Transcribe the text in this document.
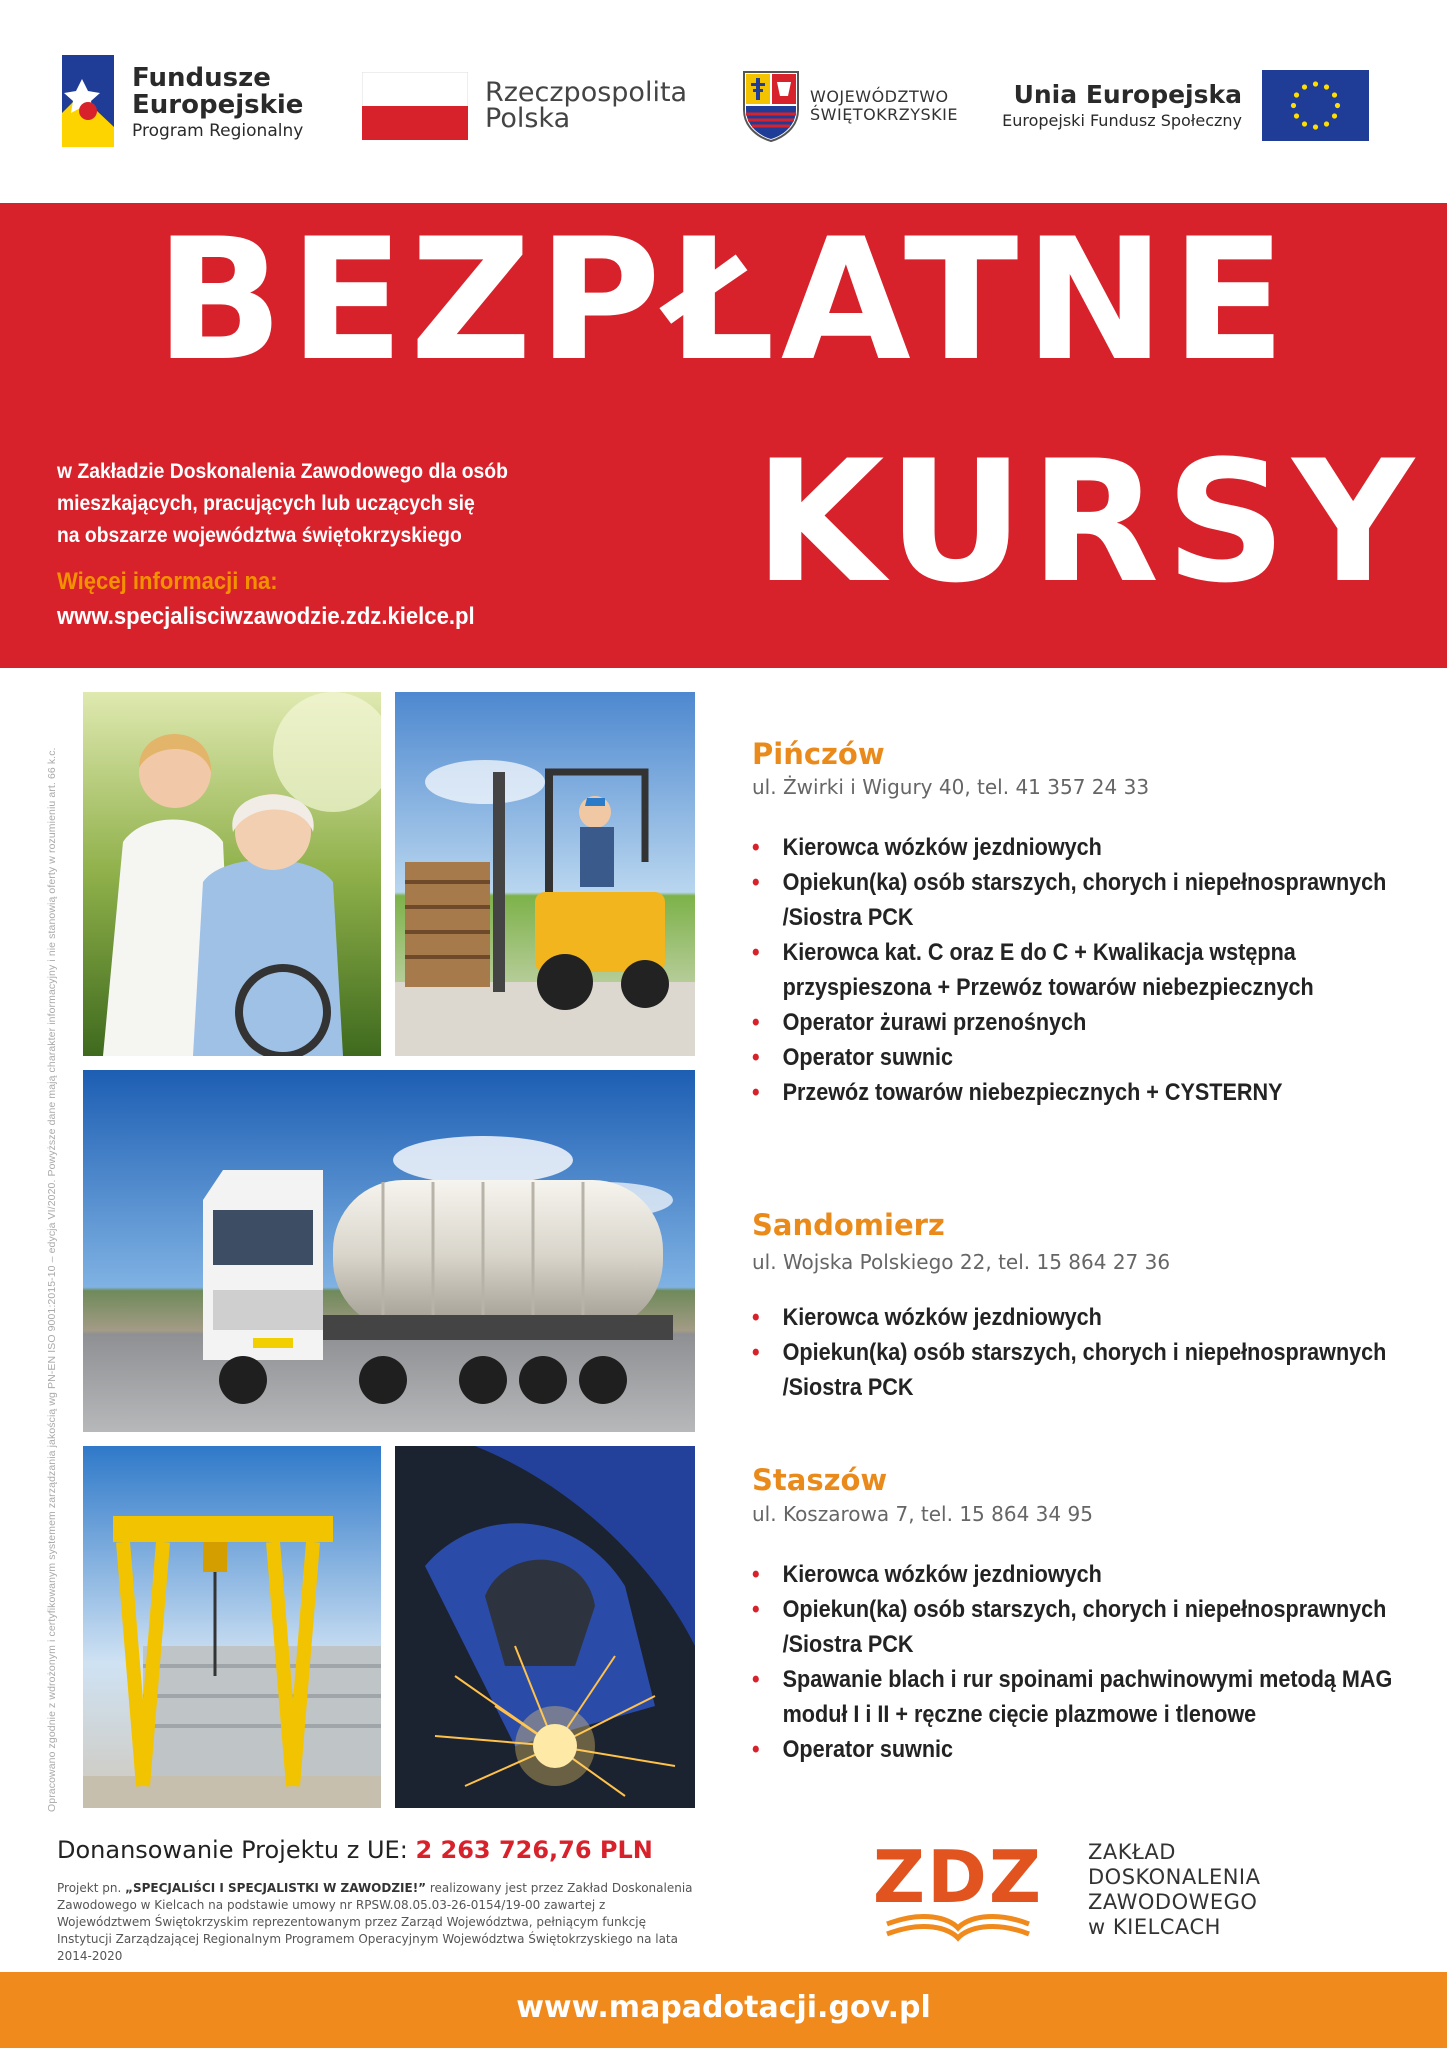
Fundusze
Europejskie
Program Regionalny
Rzeczpospolita
Polska
WOJEWÓDZTWO
ŚWIĘTOKRZYSKIE
Unia Europejska
Europejski Fundusz Społeczny
BEZPŁATNE
KURSY
w Zakładzie Doskonalenia Zawodowego dla osób
mieszkających, pracujących lub uczących się
na obszarze województwa świętokrzyskiego
Więcej informacji na:
www.specjalisciwzawodzie.zdz.kielce.pl
Opracowano zgodnie z wdrożonym i certyfikowanym systemem zarządzania jakością wg PN-EN ISO 9001:2015-10 – edycja VI/2020. Powyższe dane mają charakter informacyjny i nie stanowią oferty w rozumieniu art. 66 k.c.	Pińczów
ul. Żwirki i Wigury 40, tel. 41 357 24 33
• Kierowca wózków jezdniowych
• Opiekun(ka) osób starszych, chorych i niepełnosprawnych /Siostra PCK
• Kierowca kat. C oraz E do C + Kwalikacja wstępna przyspieszona + Przewóz towarów niebezpiecznych
• Operator żurawi przenośnych
• Operator suwnic
• Przewóz towarów niebezpiecznych + CYSTERNY
Sandomierz
ul. Wojska Polskiego 22, tel. 15 864 27 36
• Kierowca wózków jezdniowych
• Opiekun(ka) osób starszych, chorych i niepełnosprawnych /Siostra PCK
Staszów
ul. Koszarowa 7, tel. 15 864 34 95
• Kierowca wózków jezdniowych
• Opiekun(ka) osób starszych, chorych i niepełnosprawnych /Siostra PCK
• Spawanie blach i rur spoinami pachwinowymi metodą MAG moduł I i II + ręczne cięcie plazmowe i tlenowe
• Operator suwnic
Donansowanie Projektu z UE: 2 263 726,76 PLN
Projekt pn. „SPECJALIŚCI I SPECJALISTKI W ZAWODZIE!” realizowany jest przez Zakład Doskonalenia Zawodowego w Kielcach na podstawie umowy nr RPSW.08.05.03-26-0154/19-00 zawartej z Województwem Świętokrzyskim reprezentowanym przez Zarząd Województwa, pełniącym funkcję Instytucji Zarządzającej Regionalnym Programem Operacyjnym Województwa Świętokrzyskiego na lata 2014-2020
ZDZ ZAKŁAD
DOSKONALENIA
ZAWODOWEGO
w KIELCACH
www.mapadotacji.gov.pl
